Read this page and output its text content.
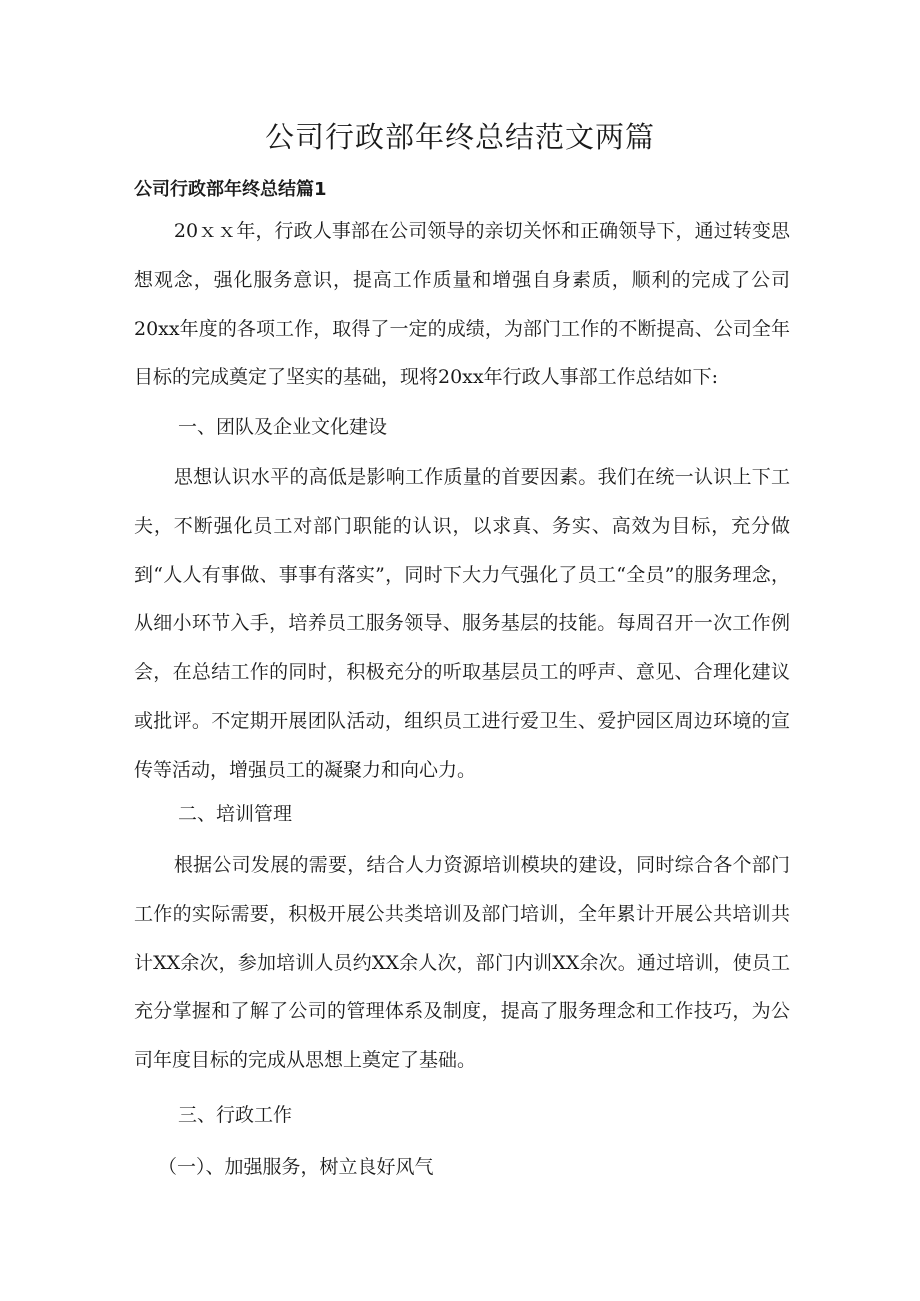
公司行政部年终总结范文两篇
公司行政部年终总结篇1

20ｘｘ年，行政人事部在公司领导的亲切关怀和正确领导下，通过转变思想观念，强化服务意识，提高工作质量和增强自身素质，顺利的完成了公司20xx年度的各项工作，取得了一定的成绩，为部门工作的不断提高、公司全年目标的完成奠定了坚实的基础，现将20xx年行政人事部工作总结如下:

一、团队及企业文化建设

思想认识水平的高低是影响工作质量的首要因素。我们在统一认识上下工夫，不断强化员工对部门职能的认识，以求真、务实、高效为目标，充分做到“人人有事做、事事有落实”，同时下大力气强化了员工“全员”的服务理念，从细小环节入手，培养员工服务领导、服务基层的技能。每周召开一次工作例会，在总结工作的同时，积极充分的听取基层员工的呼声、意见、合理化建议或批评。不定期开展团队活动，组织员工进行爱卫生、爱护园区周边环境的宣传等活动，增强员工的凝聚力和向心力。

二、培训管理

根据公司发展的需要，结合人力资源培训模块的建设，同时综合各个部门工作的实际需要，积极开展公共类培训及部门培训，全年累计开展公共培训共计XX余次，参加培训人员约XX余人次，部门内训XX余次。通过培训，使员工充分掌握和了解了公司的管理体系及制度，提高了服务理念和工作技巧，为公司年度目标的完成从思想上奠定了基础。

三、行政工作
（一）、加强服务，树立良好风气
